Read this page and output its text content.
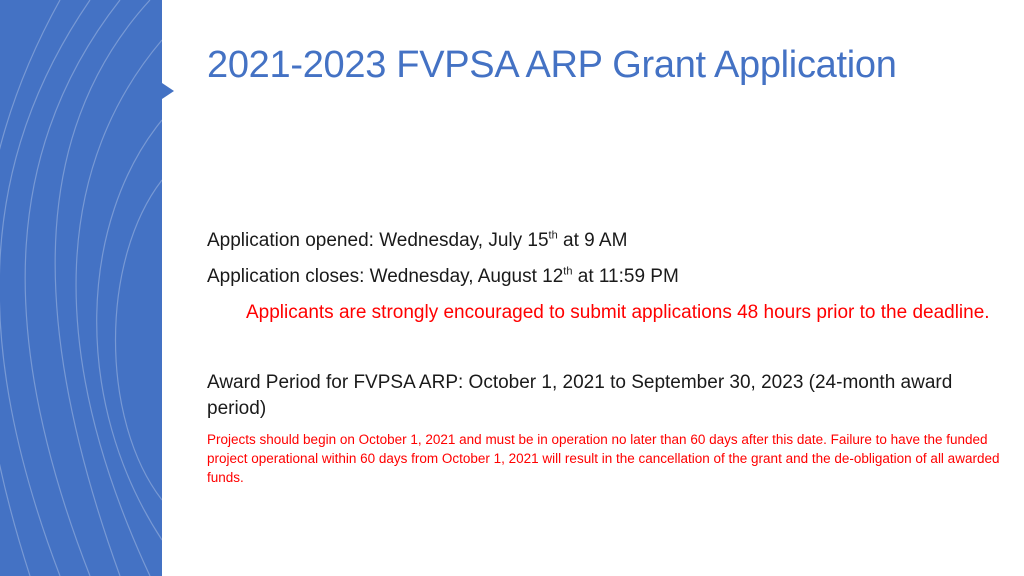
2021-2023 FVPSA ARP Grant Application
Application opened: Wednesday, July 15th at 9 AM
Application closes: Wednesday, August 12th at 11:59 PM
Applicants are strongly encouraged to submit applications 48 hours prior to the deadline.
Award Period for FVPSA ARP: October 1, 2021 to September 30, 2023 (24-month award period)
Projects should begin on October 1, 2021 and must be in operation no later than 60 days after this date. Failure to have the funded project operational within 60 days from October 1, 2021 will result in the cancellation of the grant and the de-obligation of all awarded funds.
